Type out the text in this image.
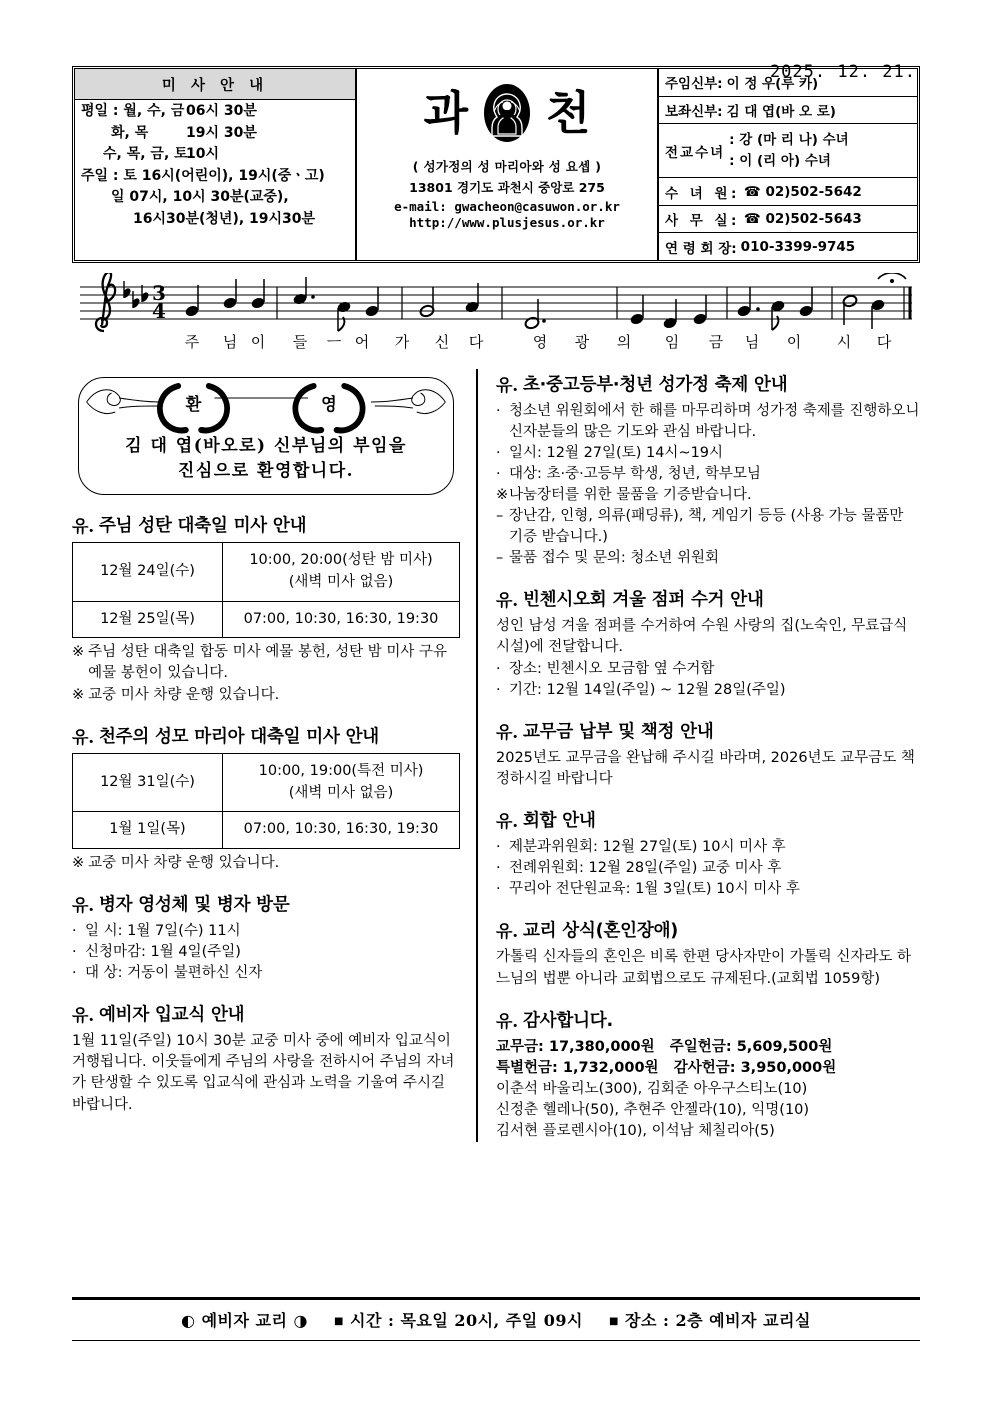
2025. 12. 21.
미 사 안 내
평일 : 월, 수, 금 06시 30분
화, 목	19시 30분
수, 목, 금, 토
10시
주일 : 토 16시(어린이), 19시(중ㆍ고)
일 07시, 10시 30분(교중),
16시30분(청년), 19시30분
과 천
( 성가정의 성 마리아와 성 요셉 )
13801 경기도 과천시 중앙로 275
e-mail: gwacheon@casuwon.or.kr
http://www.plusjesus.or.kr
주임신부: 이 정 우(루 카)
보좌신부: 김 대 엽(바 오 로)
전교수녀
: 강 (마 리 나) 수녀
: 이 (리 아) 수녀
수 녀 원: ☎ 02)502-5642
사 무 실: ☎ 02)502-5643
연 령 회 장: 010-3399-9745
3
4
주 님 이 들 ㅡ 어 가 신 다	영 광 의 임 금 님 이 시 다
환	영
김 대 엽(바오로) 신부님의 부임을
진심으로 환영합니다.
유 . 주님 성탄 대축일 미사 안내
12월 24일(수)	10:00, 20:00(성탄 밤 미사)
(새벽 미사 없음)

12월 25일(목)	07:00, 10:30, 16:30, 19:30
※ 주님 성탄 대축일 합동 미사 예물 봉헌, 성탄 밤 미사 구유 예물 봉헌이 있습니다.
※ 교중 미사 차량 운행 있습니다.
유 . 천주의 성모 마리아 대축일 미사 안내
12월 31일(수)	10:00, 19:00(특전 미사)
(새벽 미사 없음)

1월 1일(목)	07:00, 10:30, 16:30, 19:30
※ 교중 미사 차량 운행 있습니다.
유 . 병자 영성체 및 병자 방문
· 일 시: 1월 7일(수) 11시
· 신청마감: 1월 4일(주일)
· 대 상: 거동이 불편하신 신자
유 . 예비자 입교식 안내
1월 11일(주일) 10시 30분 교중 미사 중에 예비자 입교식이 거행됩니다. 이웃들에게 주님의 사랑을 전하시어 주님의 자녀가 탄생할 수 있도록 입교식에 관심과 노력을 기울여 주시길 바랍니다.
유 . 초·중고등부·청년 성가정 축제 안내
· 청소년 위원회에서 한 해를 마무리하며 성가정 축제를 진행하오니 신자분들의 많은 기도와 관심 바랍니다.
· 일시: 12월 27일(토) 14시~19시
· 대상: 초·중·고등부 학생, 청년, 학부모님
※ 나눔장터를 위한 물품을 기증받습니다.
– 장난감, 인형, 의류(패딩류), 책, 게임기 등등 (사용 가능 물품만 기증 받습니다.)
– 물품 접수 및 문의: 청소년 위원회
유 . 빈첸시오회 겨울 점퍼 수거 안내
성인 남성 겨울 점퍼를 수거하여 수원 사랑의 집(노숙인, 무료급식 시설)에 전달합니다.
· 장소: 빈첸시오 모금함 옆 수거함
· 기간: 12월 14일(주일) ~ 12월 28일(주일)
유 . 교무금 납부 및 책정 안내
2025년도 교무금을 완납해 주시길 바라며, 2026년도 교무금도 책정하시길 바랍니다
유 . 회합 안내
· 제분과위원회: 12월 27일(토) 10시 미사 후
· 전례위원회: 12월 28일(주일) 교중 미사 후
· 꾸리아 전단원교육: 1월 3일(토) 10시 미사 후
유 . 교리 상식(혼인장애)
가톨릭 신자들의 혼인은 비록 한편 당사자만이 가톨릭 신자라도 하느님의 법뿐 아니라 교회법으로도 규제된다.(교회법 1059항)
유 . 감사합니다.
교무금: 17,380,000원 주일헌금: 5,609,500원
특별헌금: 1,732,000원 감사헌금: 3,950,000원
이춘석 바울리노(300), 김회준 아우구스티노(10)
신정춘 헬레나(50), 추현주 안젤라(10), 익명(10)
김서현 플로렌시아(10), 이석남 체칠리아(5)
◐ 예비자 교리 ◑	■ 시간 : 목요일 20시, 주일 09시	■ 장소 : 2층 예비자 교리실
